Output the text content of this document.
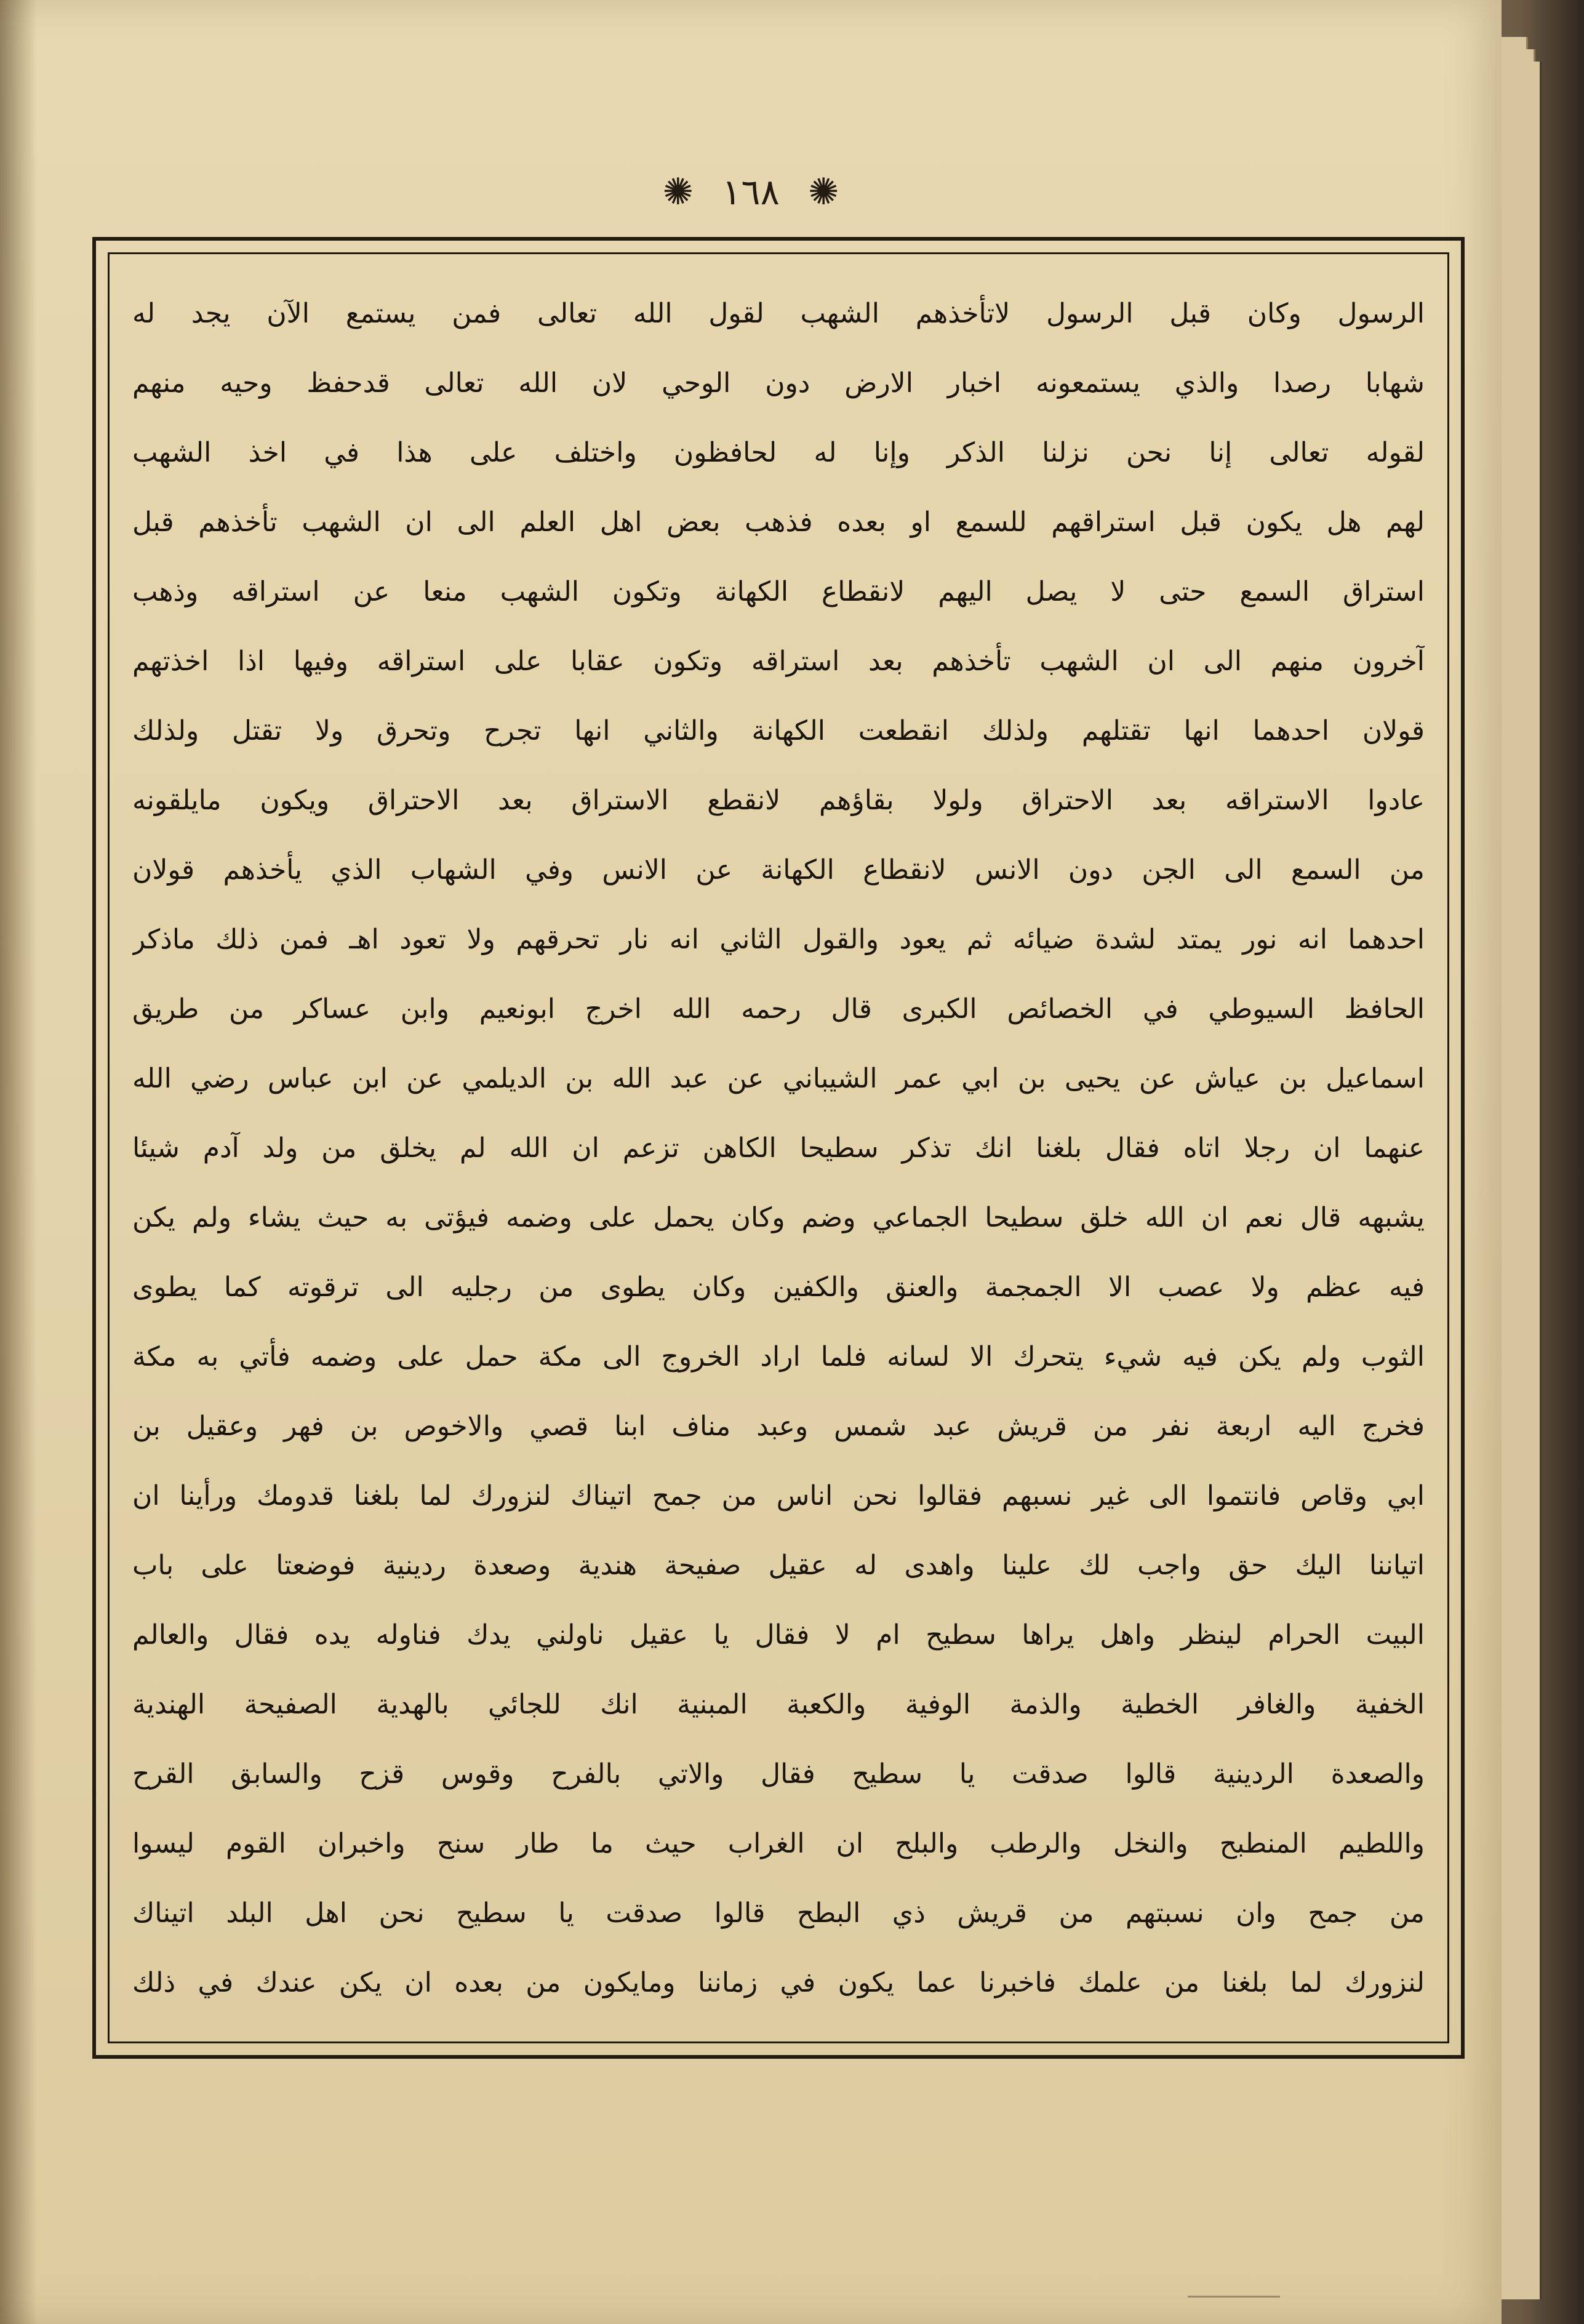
✺ ١٦٨ ✺
الرسول وكان قبل الرسول لاتأخذهم الشهب لقول الله تعالى فمن يستمع الآن يجد له
شهابا رصدا والذي يستمعونه اخبار الارض دون الوحي لان الله تعالى قدحفظ وحيه منهم
لقوله تعالى إنا نحن نزلنا الذكر وإنا له لحافظون واختلف على هذا في اخذ الشهب
لهم هل يكون قبل استراقهم للسمع او بعده فذهب بعض اهل العلم الى ان الشهب تأخذهم قبل
استراق السمع حتى لا يصل اليهم لانقطاع الكهانة وتكون الشهب منعا عن استراقه وذهب
آخرون منهم الى ان الشهب تأخذهم بعد استراقه وتكون عقابا على استراقه وفيها اذا اخذتهم
قولان احدهما انها تقتلهم ولذلك انقطعت الكهانة والثاني انها تجرح وتحرق ولا تقتل ولذلك
عادوا الاستراقه بعد الاحتراق ولولا بقاؤهم لانقطع الاستراق بعد الاحتراق ويكون مايلقونه
من السمع الى الجن دون الانس لانقطاع الكهانة عن الانس وفي الشهاب الذي يأخذهم قولان
احدهما انه نور يمتد لشدة ضيائه ثم يعود والقول الثاني انه نار تحرقهم ولا تعود اهـ فمن ذلك ماذكر
الحافظ السيوطي في الخصائص الكبرى قال رحمه الله اخرج ابونعيم وابن عساكر من طريق
اسماعيل بن عياش عن يحيى بن ابي عمر الشيباني عن عبد الله بن الديلمي عن ابن عباس رضي الله
عنهما ان رجلا اتاه فقال بلغنا انك تذكر سطيحا الكاهن تزعم ان الله لم يخلق من ولد آدم شيئا
يشبهه قال نعم ان الله خلق سطيحا الجماعي وضم وكان يحمل على وضمه فيؤتى به حيث يشاء ولم يكن
فيه عظم ولا عصب الا الجمجمة والعنق والكفين وكان يطوى من رجليه الى ترقوته كما يطوى
الثوب ولم يكن فيه شيء يتحرك الا لسانه فلما اراد الخروج الى مكة حمل على وضمه فأتي به مكة
فخرج اليه اربعة نفر من قريش عبد شمس وعبد مناف ابنا قصي والاخوص بن فهر وعقيل بن
ابي وقاص فانتموا الى غير نسبهم فقالوا نحن اناس من جمح اتيناك لنزورك لما بلغنا قدومك ورأينا ان
اتياننا اليك حق واجب لك علينا واهدى له عقيل صفيحة هندية وصعدة ردينية فوضعتا على باب
البيت الحرام لينظر واهل يراها سطيح ام لا فقال يا عقيل ناولني يدك فناوله يده فقال والعالم
الخفية والغافر الخطية والذمة الوفية والكعبة المبنية انك للجائي بالهدية الصفيحة الهندية
والصعدة الردينية قالوا صدقت يا سطيح فقال والاتي بالفرح وقوس قزح والسابق القرح
واللطيم المنطبح والنخل والرطب والبلح ان الغراب حيث ما طار سنح واخبران القوم ليسوا
من جمح وان نسبتهم من قريش ذي البطح قالوا صدقت يا سطيح نحن اهل البلد اتيناك
لنزورك لما بلغنا من علمك فاخبرنا عما يكون في زماننا ومايكون من بعده ان يكن عندك في ذلك
